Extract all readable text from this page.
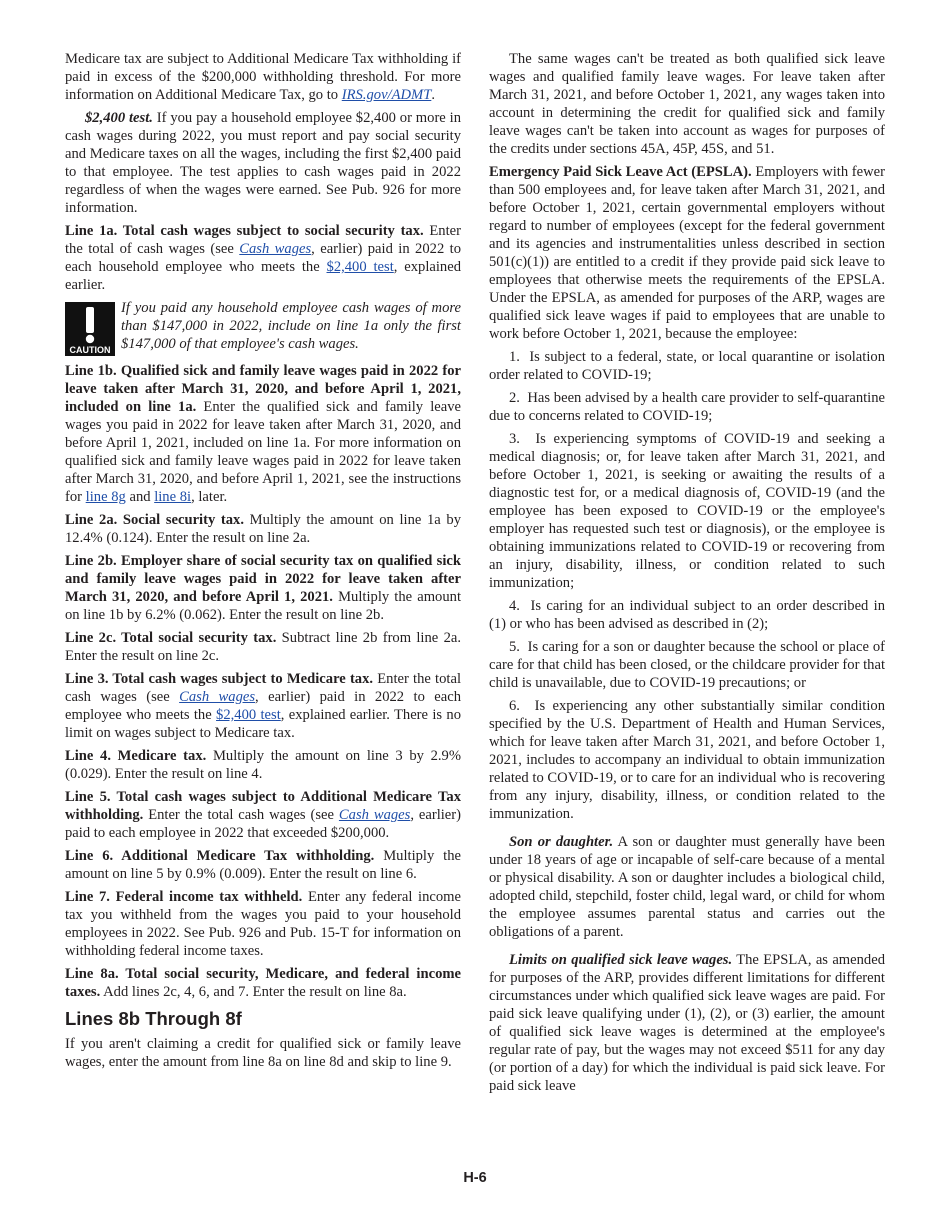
Medicare tax are subject to Additional Medicare Tax withholding if paid in excess of the $200,000 withholding threshold. For more information on Additional Medicare Tax, go to IRS.gov/ADMT.

$2,400 test. If you pay a household employee $2,400 or more in cash wages during 2022, you must report and pay social security and Medicare taxes on all the wages, including the first $2,400 paid to that employee. The test applies to cash wages paid in 2022 regardless of when the wages were earned. See Pub. 926 for more information.

Line 1a. Total cash wages subject to social security tax. Enter the total of cash wages (see Cash wages, earlier) paid in 2022 to each household employee who meets the $2,400 test, explained earlier.

CAUTION
If you paid any household employee cash wages of more than $147,000 in 2022, include on line 1a only the first $147,000 of that employee's cash wages.

Line 1b. Qualified sick and family leave wages paid in 2022 for leave taken after March 31, 2020, and before April 1, 2021, included on line 1a. Enter the qualified sick and family leave wages you paid in 2022 for leave taken after March 31, 2020, and before April 1, 2021, included on line 1a. For more information on qualified sick and family leave wages paid in 2022 for leave taken after March 31, 2020, and before April 1, 2021, see the instructions for line 8g and line 8i, later.

Line 2a. Social security tax. Multiply the amount on line 1a by 12.4% (0.124). Enter the result on line 2a.

Line 2b. Employer share of social security tax on qualified sick and family leave wages paid in 2022 for leave taken after March 31, 2020, and before April 1, 2021. Multiply the amount on line 1b by 6.2% (0.062). Enter the result on line 2b.

Line 2c. Total social security tax. Subtract line 2b from line 2a. Enter the result on line 2c.

Line 3. Total cash wages subject to Medicare tax. Enter the total cash wages (see Cash wages, earlier) paid in 2022 to each employee who meets the $2,400 test, explained earlier. There is no limit on wages subject to Medicare tax.

Line 4. Medicare tax. Multiply the amount on line 3 by 2.9% (0.029). Enter the result on line 4.

Line 5. Total cash wages subject to Additional Medicare Tax withholding. Enter the total cash wages (see Cash wages, earlier) paid to each employee in 2022 that exceeded $200,000.

Line 6. Additional Medicare Tax withholding. Multiply the amount on line 5 by 0.9% (0.009). Enter the result on line 6.

Line 7. Federal income tax withheld. Enter any federal income tax you withheld from the wages you paid to your household employees in 2022. See Pub. 926 and Pub. 15-T for information on withholding federal income taxes.

Line 8a. Total social security, Medicare, and federal income taxes. Add lines 2c, 4, 6, and 7. Enter the result on line 8a.

Lines 8b Through 8f

If you aren't claiming a credit for qualified sick or family leave wages, enter the amount from line 8a on line 8d and skip to line 9.

The same wages can't be treated as both qualified sick leave wages and qualified family leave wages. For leave taken after March 31, 2021, and before October 1, 2021, any wages taken into account in determining the credit for qualified sick and family leave wages can't be taken into account as wages for purposes of the credits under sections 45A, 45P, 45S, and 51.

Emergency Paid Sick Leave Act (EPSLA). Employers with fewer than 500 employees and, for leave taken after March 31, 2021, and before October 1, 2021, certain governmental employers without regard to number of employees (except for the federal government and its agencies and instrumentalities unless described in section 501(c)(1)) are entitled to a credit if they provide paid sick leave to employees that otherwise meets the requirements of the EPSLA. Under the EPSLA, as amended for purposes of the ARP, wages are qualified sick leave wages if paid to employees that are unable to work before October 1, 2021, because the employee:

1.  Is subject to a federal, state, or local quarantine or isolation order related to COVID-19;

2.  Has been advised by a health care provider to self-quarantine due to concerns related to COVID-19;

3.  Is experiencing symptoms of COVID-19 and seeking a medical diagnosis; or, for leave taken after March 31, 2021, and before October 1, 2021, is seeking or awaiting the results of a diagnostic test for, or a medical diagnosis of, COVID-19 (and the employee has been exposed to COVID-19 or the employee's employer has requested such test or diagnosis), or the employee is obtaining immunizations related to COVID-19 or recovering from an injury, disability, illness, or condition related to such immunization;

4.  Is caring for an individual subject to an order described in (1) or who has been advised as described in (2);

5.  Is caring for a son or daughter because the school or place of care for that child has been closed, or the childcare provider for that child is unavailable, due to COVID-19 precautions; or

6.  Is experiencing any other substantially similar condition specified by the U.S. Department of Health and Human Services, which for leave taken after March 31, 2021, and before October 1, 2021, includes to accompany an individual to obtain immunization related to COVID-19, or to care for an individual who is recovering from any injury, disability, illness, or condition related to the immunization.

Son or daughter. A son or daughter must generally have been under 18 years of age or incapable of self-care because of a mental or physical disability. A son or daughter includes a biological child, adopted child, stepchild, foster child, legal ward, or child for whom the employee assumes parental status and carries out the obligations of a parent.

Limits on qualified sick leave wages. The EPSLA, as amended for purposes of the ARP, provides different limitations for different circumstances under which qualified sick leave wages are paid. For paid sick leave qualifying under (1), (2), or (3) earlier, the amount of qualified sick leave wages is determined at the employee's regular rate of pay, but the wages may not exceed $511 for any day (or portion of a day) for which the individual is paid sick leave. For paid sick leave

H-6
